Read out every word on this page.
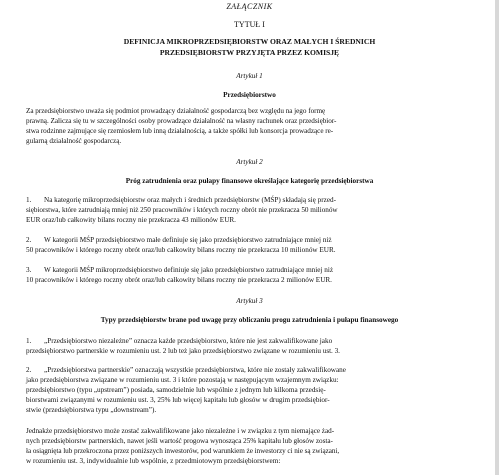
ZAŁĄCZNIK
TYTUŁ I
DEFINICJA MIKROPRZEDSIĘBIORSTW ORAZ MAŁYCH I ŚREDNICH
PRZEDSIĘBIORSTW PRZYJĘTA PRZEZ KOMISJĘ
Artykuł 1
Przedsiębiorstwo
Za przedsiębiorstwo uważa się podmiot prowadzący działalność gospodarczą bez względu na jego formę
prawną. Zalicza się tu w szczególności osoby prowadzące działalność na własny rachunek oraz przedsiębior-
stwa rodzinne zajmujące się rzemiosłem lub inną działalnością, a także spółki lub konsorcja prowadzące re-
gularną działalność gospodarczą.
Artykuł 2
Próg zatrudnienia oraz pułapy finansowe określające kategorię przedsiębiorstwa
1. Na kategorię mikroprzedsiębiorstw oraz małych i średnich przedsiębiorstw (MŚP) składają się przed-
siębiorstwa, które zatrudniają mniej niż 250 pracowników i których roczny obrót nie przekracza 50 milionów
EUR oraz/lub całkowity bilans roczny nie przekracza 43 milionów EUR.
2. W kategorii MŚP przedsiębiorstwo małe definiuje się jako przedsiębiorstwo zatrudniające mniej niż
50 pracowników i którego roczny obrót oraz/lub całkowity bilans roczny nie przekracza 10 milionów EUR.
3. W kategorii MŚP mikroprzedsiębiorstwo definiuje się jako przedsiębiorstwo zatrudniające mniej niż
10 pracowników i którego roczny obrót oraz/lub całkowity bilans roczny nie przekracza 2 milionów EUR.
Artykuł 3
Typy przedsiębiorstw brane pod uwagę przy obliczaniu progu zatrudnienia i pułapu finansowego
1. „Przedsiębiorstwo niezależne” oznacza każde przedsiębiorstwo, które nie jest zakwalifikowane jako
przedsiębiorstwo partnerskie w rozumieniu ust. 2 lub też jako przedsiębiorstwo związane w rozumieniu ust. 3.
2. „Przedsiębiorstwa partnerskie” oznaczają wszystkie przedsiębiorstwa, które nie zostały zakwalifikowane
jako przedsiębiorstwa związane w rozumieniu ust. 3 i które pozostają w następującym wzajemnym związku:
przedsiębiorstwo (typu „upstream”) posiada, samodzielnie lub wspólnie z jednym lub kilkoma przedsię-
biorstwami związanymi w rozumieniu ust. 3, 25% lub więcej kapitału lub głosów w drugim przedsiębior-
stwie (przedsiębiorstwa typu „downstream”).
Jednakże przedsiębiorstwo może zostać zakwalifikowane jako niezależne i w związku z tym niemające żad-
nych przedsiębiorstw partnerskich, nawet jeśli wartość progowa wynosząca 25% kapitału lub głosów zosta-
ła osiągnięta lub przekroczona przez poniższych inwestorów, pod warunkiem że inwestorzy ci nie są związani,
w rozumieniu ust. 3, indywidualnie lub wspólnie, z przedmiotowym przedsiębiorstwem:
